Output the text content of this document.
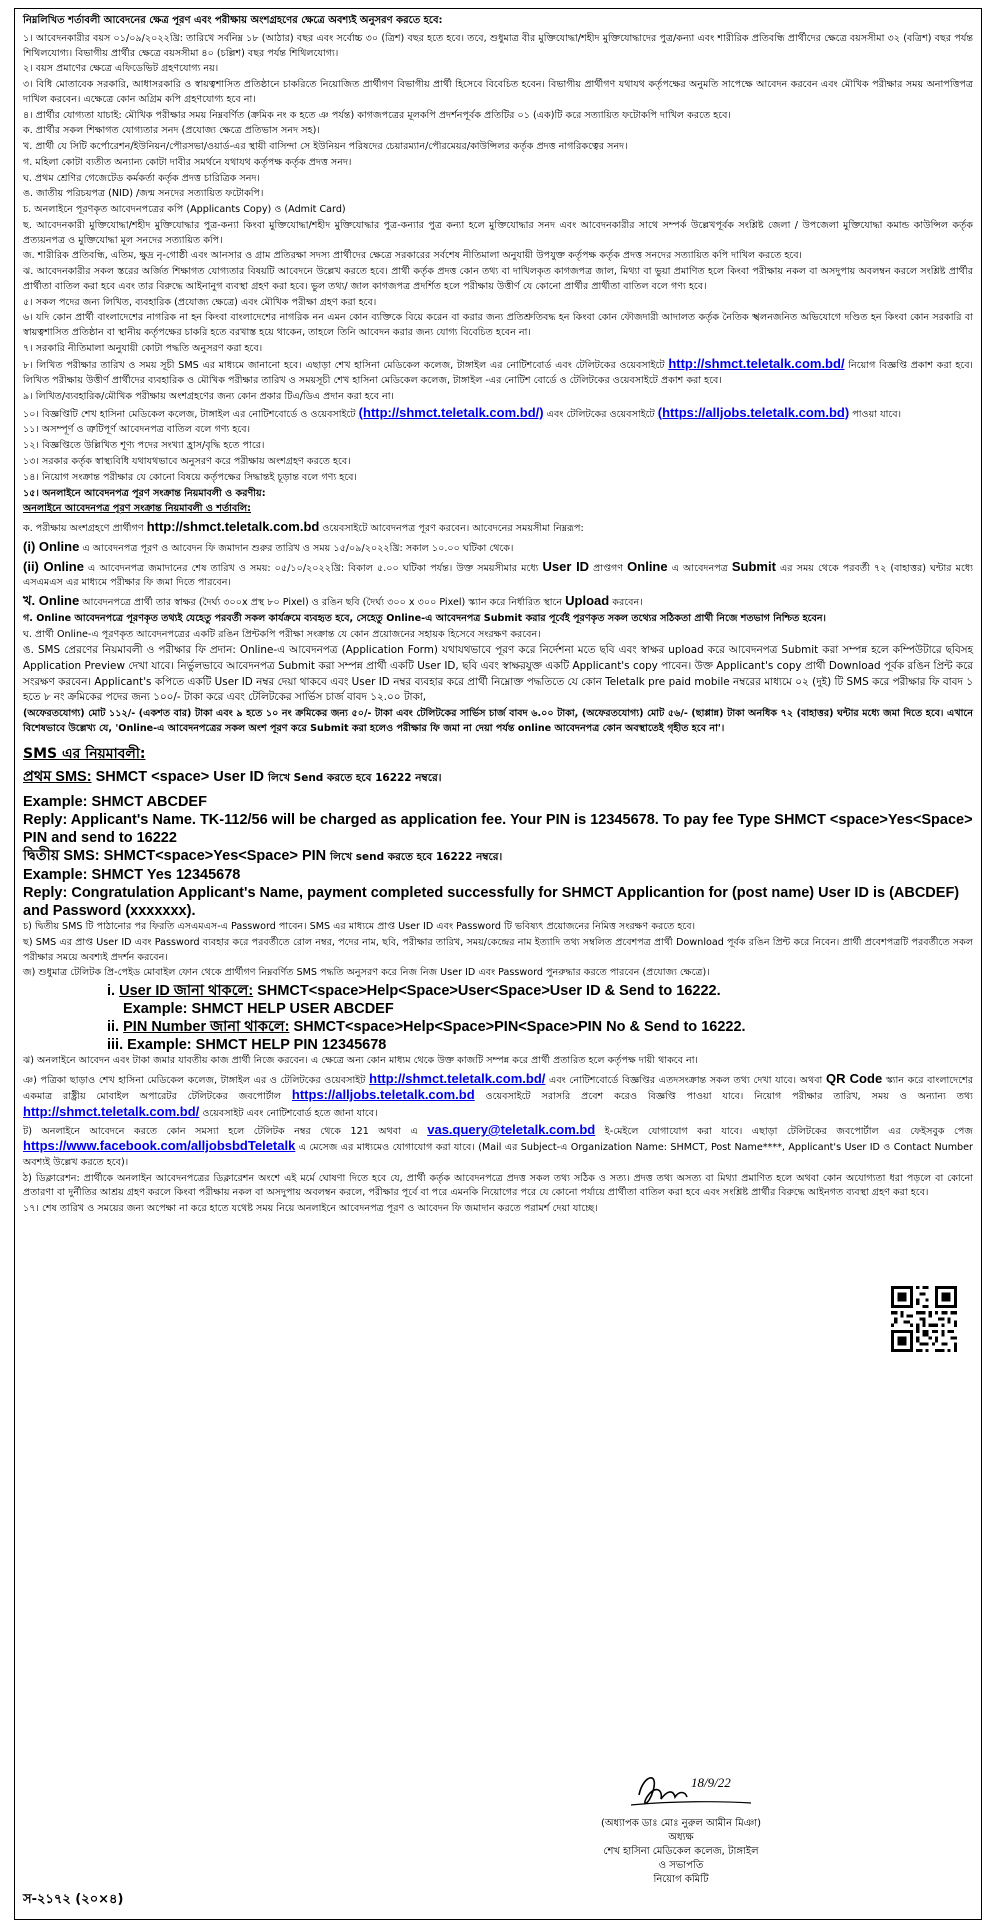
নিম্নলিখিত শর্তাবলী আবেদনের ক্ষেত্র পূরণ এবং পরীক্ষায় অংশগ্রহণের ক্ষেত্রে অবশ্যই অনুসরণ করতে হবে:

১। আবেদনকারীর বয়স ০১/০৯/২০২২খ্রি: তারিখে সর্বনিম্ন ১৮ (আঠার) বছর এবং সর্বোচ্চ ৩০ (ত্রিশ) বছর হতে হবে। তবে, শুধুমাত্র বীর মুক্তিযোদ্ধা/শহীদ মুক্তিযোদ্ধাদের পুত্র/কন্যা এবং শারীরিক প্রতিবন্ধি প্রার্থীদের ক্ষেত্রে বয়সসীমা ৩২ (বত্রিশ) বছর পর্যন্ত শিথিলযোগ্য। বিভাগীয় প্রার্থীর ক্ষেত্রে বয়সসীমা ৪০ (চল্লিশ) বছর পর্যন্ত শিথিলযোগ্য।

২। বয়স প্রমাণের ক্ষেত্রে এফিডেভিট গ্রহণযোগ্য নয়।

৩। বিধি মোতাবেক সরকারি, আধাসরকারি ও স্বায়ত্বশাসিত প্রতিষ্ঠানে চাকরিতে নিয়োজিত প্রার্থীগণ বিভাগীয় প্রার্থী হিসেবে বিবেচিত হবেন। বিভাগীয় প্রার্থীগণ যথাযথ কর্তৃপক্ষের অনুমতি সাপেক্ষে আবেদন করবেন এবং মৌখিক পরীক্ষার সময় অনাপত্তিপত্র দাখিল করবেন। এক্ষেত্রে কোন অগ্রিম কপি গ্রহণযোগ্য হবে না।

৪। প্রার্থীর যোগ্যতা যাচাই: মৌখিক পরীক্ষার সময় নিম্নবর্ণিত (ক্রমিক নং ক হতে ঞ পর্যন্ত) কাগজপত্রের মূলকপি প্রদর্শনপূর্বক প্রতিটির ০১ (এক)টি করে সত্যায়িত ফটোকপি দাখিল করতে হবে।

ক. প্রার্থীর সকল শিক্ষাগত যোগ্যতার সনদ (প্রযোজ্য ক্ষেত্রে প্রতিভাস সনদ সহ)।

খ. প্রার্থী যে সিটি কর্পোরেশন/ইউনিয়ন/পৌরসভা/ওয়ার্ড-এর স্থায়ী বাসিন্দা সে ইউনিয়ন পরিষদের চেয়ারম্যান/পৌরমেয়র/কাউন্সিলর কর্তৃক প্রদত্ত নাগরিকত্বের সনদ।

গ. মহিলা কোটা ব্যতীত অন্যান্য কোটা দাবীর সমর্থনে যথাযথ কর্তৃপক্ষ কর্তৃক প্রদত্ত সনদ।

ঘ. প্রথম শ্রেণির গেজেটেড কর্মকর্তা কর্তৃক প্রদত্ত চারিত্রিক সনদ।

ঙ. জাতীয় পরিচয়পত্র (NID) /জন্ম সনদের সত্যায়িত ফটোকপি।

চ. অনলাইনে পূরণকৃত আবেদনপত্রের কপি (Applicants Copy) ও (Admit Card)

ছ. আবেদনকারী মুক্তিযোদ্ধা/শহীদ মুক্তিযোদ্ধার পুত্র-কন্যা কিংবা মুক্তিযোদ্ধা/শহীদ মুক্তিযোদ্ধার পুত্র-কন্যার পুত্র কন্যা হলে মুক্তিযোদ্ধার সনদ এবং আবেদনকারীর সাথে সম্পর্ক উল্লেখপূর্বক সংশ্লিষ্ট জেলা / উপজেলা মুক্তিযোদ্ধা কমান্ড কাউন্সিল কর্তৃক প্রত্যয়নপত্র ও মুক্তিযোদ্ধা মূল সনদের সত্যায়িত কপি।

জ. শারীরিক প্রতিবন্ধি, এতিম, ক্ষুদ্র নৃ-গোষ্ঠী এবং আনসার ও গ্রাম প্রতিরক্ষা সদস্য প্রার্থীদের ক্ষেত্রে সরকারের সর্বশেষ নীতিমালা অনুযায়ী উপযুক্ত কর্তৃপক্ষ কর্তৃক প্রদত্ত সনদের সত্যায়িত কপি দাখিল করতে হবে।

ঝ. আবেদনকারীর সকল স্তরের অর্জিত শিক্ষাগত যোগ্যতার বিষয়টি আবেদনে উল্লেখ করতে হবে। প্রার্থী কর্তৃক প্রদত্ত কোন তথ্য বা দাখিলকৃত কাগজপত্র জাল, মিথ্যা বা ভুয়া প্রমাণিত হলে কিংবা পরীক্ষায় নকল বা অসদুপায় অবলম্বন করলে সংশ্লিষ্ট প্রার্থীর প্রার্থীতা বাতিল করা হবে এবং তার বিরুদ্ধে আইনানুগ ব্যবস্থা গ্রহণ করা হবে। ভুল তথ্য/ জাল কাগজপত্র প্রদর্শিত হলে পরীক্ষায় উত্তীর্ণ যে কোনো প্রার্থীর প্রার্থীতা বাতিল বলে গণ্য হবে।

৫। সকল পদের জন্য লিখিত, ব্যবহারিক (প্রযোজ্য ক্ষেত্রে) এবং মৌখিক পরীক্ষা গ্রহণ করা হবে।

৬। যদি কোন প্রার্থী বাংলাদেশের নাগরিক না হন কিংবা বাংলাদেশের নাগরিক নন এমন কোন ব্যক্তিকে বিয়ে করেন বা করার জন্য প্রতিশ্রুতিবদ্ধ হন কিংবা কোন ফৌজদারী আদালত কর্তৃক নৈতিক স্খলনজনিত অভিযোগে দণ্ডিত হন কিংবা কোন সরকারি বা স্বায়ত্বশাসিত প্রতিষ্ঠান বা স্থানীয় কর্তৃপক্ষের চাকরি হতে বরখাস্ত হয়ে থাকেন, তাহলে তিনি আবেদন করার জন্য যোগ্য বিবেচিত হবেন না।

৭। সরকারি নীতিমালা অনুযায়ী কোটা পদ্ধতি অনুসরণ করা হবে।

৮। লিখিত পরীক্ষার তারিখ ও সময় সূচী SMS এর মাধ্যমে জানানো হবে। এছাড়া শেখ হাসিনা মেডিকেল কলেজ, টাঙ্গাইল এর নোটিশবোর্ড এবং টেলিটকের ওয়েবসাইটে http://shmct.teletalk.com.bd/ নিয়োগ বিজ্ঞপ্তি প্রকাশ করা হবে। লিখিত পরীক্ষায় উত্তীর্ণ প্রার্থীদের ব্যবহারিক ও মৌখিক পরীক্ষার তারিখ ও সময়সূচী শেখ হাসিনা মেডিকেল কলেজ, টাঙ্গাইল -এর নোটিশ বোর্ডে ও টেলিটকের ওয়েবসাইটে প্রকাশ করা হবে।

৯। লিখিত/ব্যবহারিক/মৌখিক পরীক্ষায় অংশগ্রহণের জন্য কোন প্রকার টিএ/ডিএ প্রদান করা হবে না।

১০। বিজ্ঞপ্তিটি শেখ হাসিনা মেডিকেল কলেজ, টাঙ্গাইল এর নোটিশবোর্ডে ও ওয়েবসাইটে (http://shmct.teletalk.com.bd/) এবং টেলিটকের ওয়েবসাইটে (https://alljobs.teletalk.com.bd) পাওয়া যাবে।

১১। অসম্পূর্ণ ও ত্রুটিপূর্ণ আবেদনপত্র বাতিল বলে গণ্য হবে।

১২। বিজ্ঞপ্তিতে উল্লিখিত শূণ্য পদের সংখ্যা হ্রাস/বৃদ্ধি হতে পারে।

১৩। সরকার কর্তৃক স্বাস্থ্যবিধি যথাযথভাবে অনুসরণ করে পরীক্ষায় অংশগ্রহণ করতে হবে।

১৪। নিয়োগ সংক্রান্ত পরীক্ষার যে কোনো বিষয়ে কর্তৃপক্ষের সিদ্ধান্তই চূড়ান্ত বলে গণ্য হবে।

১৫। অনলাইনে আবেদনপত্র পূরণ সংক্রান্ত নিয়মাবলী ও করণীয়:

অনলাইনে আবেদনপত্র পূরণ সংক্রান্ত নিয়মাবলী ও শর্তাবলি:

ক. পরীক্ষায় অংশগ্রহণে প্রার্থীগণ http://shmct.teletalk.com.bd ওয়েবসাইটে আবেদনপত্র পূরণ করবেন। আবেদনের সময়সীমা নিম্নরূপ:

(i) Online এ আবেদনপত্র পূরণ ও আবেদন ফি জমাদান শুরুর তারিখ ও সময় ১৫/০৯/২০২২খ্রি: সকাল ১০.০০ ঘটিকা থেকে।

(ii) Online এ আবেদনপত্র জমাদানের শেষ তারিখ ও সময়: ০৫/১০/২০২২খ্রি: বিকাল ৫.০০ ঘটিকা পর্যন্ত। উক্ত সময়সীমার মধ্যে User ID প্রাপ্তগণ Online এ আবেদনপত্র Submit এর সময় থেকে পরবর্তী ৭২ (বাহাত্তর) ঘন্টার মধ্যে এসএমএস এর মাধ্যমে পরীক্ষার ফি জমা দিতে পারবেন।

খ. Online আবেদনপত্রে প্রার্থী তার স্বাক্ষর (দৈর্ঘ্য ৩০০x প্রস্থ ৮০ Pixel) ও রঙিন ছবি (দৈর্ঘ্য ৩০০ x ৩০০ Pixel) স্ক্যান করে নির্ধারিত স্থানে Upload করবেন।

গ. Online আবেদনপত্রে পূরণকৃত তথ্যই যেহেতু পরবর্তী সকল কার্যক্রমে ব্যবহৃত হবে, সেহেতু Online-এ আবেদনপত্র Submit করার পূর্বেই পূরণকৃত সকল তথ্যের সঠিকতা প্রার্থী নিজে শতভাগ নিশ্চিত হবেন।

ঘ. প্রার্থী Online-এ পূরণকৃত আবেদনপত্রের একটি রঙিন প্রিন্টকপি পরীক্ষা সংক্রান্ত যে কোন প্রয়োজনের সহায়ক হিসেবে সংরক্ষণ করবেন।

ঙ. SMS প্রেরণের নিয়মাবলী ও পরীক্ষার ফি প্রদান: Online-এ আবেদনপত্র (Application Form) যথাযথভাবে পূরণ করে নির্দেশনা মতে ছবি এবং স্বাক্ষর upload করে আবেদনপত্র Submit করা সম্পন্ন হলে কম্পিউটারে ছবিসহ Application Preview দেখা যাবে। নির্ভুলভাবে আবেদনপত্র Submit করা সম্পন্ন প্রার্থী একটি User ID, ছবি এবং স্বাক্ষরযুক্ত একটি Applicant's copy পাবেন। উক্ত Applicant's copy প্রার্থী Download পূর্বক রঙিন প্রিন্ট করে সংরক্ষণ করবেন। Applicant's কপিতে একটি User ID নম্বর দেয়া থাকবে এবং User ID নম্বর ব্যবহার করে প্রার্থী নিম্নোক্ত পদ্ধতিতে যে কোন Teletalk pre paid mobile নম্বরের মাধ্যমে ০২ (দুই) টি SMS করে পরীক্ষার ফি বাবদ ১ হতে ৮ নং ক্রমিকের পদের জন্য ১০০/- টাকা করে এবং টেলিটকের সার্ভিস চার্জ বাবদ ১২.০০ টাকা,

(অফেরতযোগ্য) মোট ১১২/- (একশত বার) টাকা এবং ৯ হতে ১০ নং ক্রমিকের জন্য ৫০/- টাকা এবং টেলিটকের সার্ভিস চার্জ বাবদ ৬.০০ টাকা, (অফেরতযোগ্য) মোট ৫৬/- (ছাপ্পান্ন) টাকা অনধিক ৭২ (বাহাত্তর) ঘন্টার মধ্যে জমা দিতে হবে। এখানে বিশেষভাবে উল্লেখ্য যে, 'Online-এ আবেদনপত্রের সকল অংশ পূরণ করে Submit করা হলেও পরীক্ষার ফি জমা না দেয়া পর্যন্ত online আবেদনপত্র কোন অবস্থাতেই গৃহীত হবে না'।

SMS এর নিয়মাবলী:

প্রথম SMS: SHMCT <space> User ID লিখে Send করতে হবে 16222 নম্বরে।

Example: SHMCT ABCDEF

Reply: Applicant's Name. TK-112/56 will be charged as application fee. Your PIN is 12345678. To pay fee Type SHMCT <space>Yes<Space> PIN and send to 16222

দ্বিতীয় SMS: SHMCT<space>Yes<Space> PIN লিখে send করতে হবে 16222 নম্বরে।

Example: SHMCT Yes 12345678

Reply: Congratulation Applicant's Name, payment completed successfully for SHMCT Applicantion for (post name) User ID is (ABCDEF) and Password (xxxxxxx).

চ) দ্বিতীয় SMS টি পাঠানোর পর ফিরতি এসএমএস-এ Password পাবেন। SMS এর মাধ্যমে প্রাপ্ত User ID এবং Password টি ভবিষ্যৎ প্রয়োজনের নিমিত্ত সংরক্ষণ করতে হবে।

ছ) SMS এর প্রাপ্ত User ID এবং Password ব্যবহার করে পরবর্তীতে রোল নম্বর, পদের নাম, ছবি, পরীক্ষার তারিখ, সময়/কেন্দ্রের নাম ইত্যাদি তথ্য সম্বলিত প্রবেশপত্র প্রার্থী Download পূর্বক রঙিন প্রিন্ট করে নিবেন। প্রার্থী প্রবেশপত্রটি পরবর্তীতে সকল পরীক্ষার সময়ে অবশ্যই প্রদর্শন করবেন।

জ) শুধুমাত্র টেলিটক প্রি-পেইড মোবাইল ফোন থেকে প্রার্থীগণ নিম্নবর্ণিত SMS পদ্ধতি অনুসরণ করে নিজ নিজ User ID এবং Password পুনরুদ্ধার করতে পারবেন (প্রযোজ্য ক্ষেত্রে)।

i. User ID জানা থাকলে: SHMCT<space>Help<Space>User<Space>User ID & Send to 16222.

Example: SHMCT HELP USER ABCDEF

ii. PIN Number জানা থাকলে: SHMCT<space>Help<Space>PIN<Space>PIN No & Send to 16222.

iii. Example: SHMCT HELP PIN 12345678

ঝ) অনলাইনে আবেদন এবং টাকা জমার যাবতীয় কাজ প্রার্থী নিজে করবেন। এ ক্ষেত্রে অন্য কোন মাধ্যম থেকে উক্ত কাজটি সম্পন্ন করে প্রার্থী প্রতারিত হলে কর্তৃপক্ষ দায়ী থাকবে না।

ঞ) পত্রিকা ছাড়াও শেখ হাসিনা মেডিকেল কলেজ, টাঙ্গাইল এর ও টেলিটকের ওয়েবসাইট http://shmct.teletalk.com.bd/ এবং নোটিশবোর্ডে বিজ্ঞপ্তির এতদসংক্রান্ত সকল তথ্য দেখা যাবে। অথবা QR Code স্ক্যান করে বাংলাদেশের একমাত্র রাষ্ট্রীয় মোবাইল অপারেটর টেলিটকের জবপোর্টাল https://alljobs.teletalk.com.bd ওয়েবসাইটে সরাসরি প্রবেশ করেও বিজ্ঞপ্তি পাওয়া যাবে। নিয়োগ পরীক্ষার তারিখ, সময় ও অন্যান্য তথ্য http://shmct.teletalk.com.bd/ ওয়েবসাইট এবং নোটিশবোর্ড হতে জানা যাবে।

ট) অনলাইনে আবেদনে করতে কোন সমস্যা হলে টেলিটক নম্বর থেকে 121 অথবা এ vas.query@teletalk.com.bd ই-মেইলে যোগাযোগ করা যাবে। এছাড়া টেলিটকের জবপোর্টাল এর ফেইসবুক পেজ https://www.facebook.com/alljobsbdTeletalk এ মেসেজ এর মাধ্যমেও যোগাযোগ করা যাবে। (Mail এর Subject-এ Organization Name: SHMCT, Post Name****, Applicant's User ID ও Contact Number অবশ্যই উল্লেখ করতে হবে)।

ঠ) ডিক্লারেশন: প্রার্থীকে অনলাইন আবেদনপত্রের ডিক্লারেশন অংশে এই মর্মে ঘোষণা দিতে হবে যে, প্রার্থী কর্তৃক আবেদনপত্রে প্রদত্ত সকল তথ্য সঠিক ও সত্য। প্রদত্ত তথ্য অসত্য বা মিথ্যা প্রমাণিত হলে অথবা কোন অযোগ্যতা ধরা পড়লে বা কোনো প্রতারণা বা দুর্নীতির আশ্রয় গ্রহণ করলে কিংবা পরীক্ষায় নকল বা অসদুপায় অবলম্বন করলে, পরীক্ষার পূর্বে বা পরে এমনকি নিয়োগের পরে যে কোনো পর্যায়ে প্রার্থীতা বাতিল করা হবে এবং সংশ্লিষ্ট প্রার্থীর বিরুদ্ধে আইনগত ব্যবস্থা গ্রহণ করা হবে।

১৭। শেষ তারিখ ও সময়ের জন্য অপেক্ষা না করে হাতে যথেষ্ট সময় নিয়ে অনলাইনে আবেদনপত্র পূরণ ও আবেদন ফি জমাদান করতে পরামর্শ দেয়া যাচ্ছে।

18/9/22
(অধ্যাপক ডাঃ মোঃ নুরুল আমীন মিঞা)
অধ্যক্ষ
শেখ হাসিনা মেডিকেল কলেজ, টাঙ্গাইল
ও সভাপতি
নিয়োগ কমিটি
স-২১৭২ (২০×৪)
